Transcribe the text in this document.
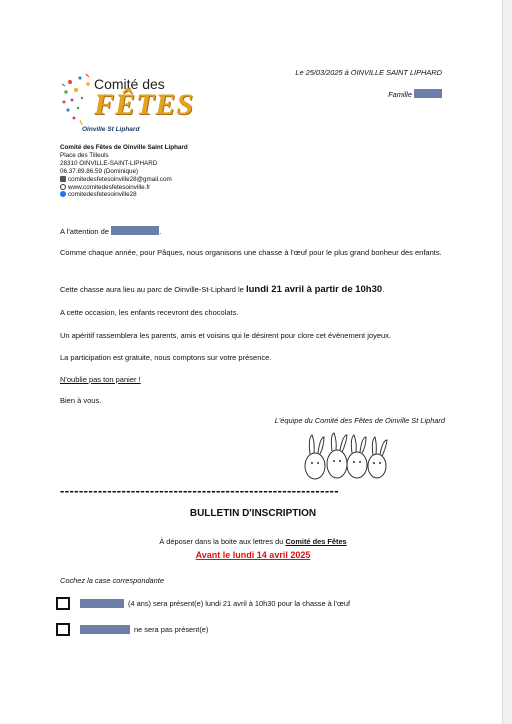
Comité des
FÊTES
Oinville St Liphard
Comité des Fêtes de Oinville Saint Liphard
Place des Tilleuls
28310 OINVILLE-SAINT-LIPHARD
06.37.89.86.59 (Dominique)
comitedesfetesoinville28@gmail.com
www.comitedesfetesoinville.fr
comitedesfetesoinville28
Le 25/03/2025 à OINVILLE SAINT LIPHARD
Famille
A l'attention de	.
Comme chaque année, pour Pâques, nous organisons une chasse à l'œuf pour le plus grand bonheur des enfants.
Cette chasse aura lieu au parc de Oinville-St-Liphard le lundi 21 avril à partir de 10h30.
A cette occasion, les enfants recevront des chocolats.
Un apéritif rassemblera les parents, amis et voisins qui le désirent pour clore cet évènement joyeux.
La participation est gratuite, nous comptons sur votre présence.
N'oublie pas ton panier !
Bien à vous.
L'équipe du Comité des Fêtes de Oinville St Liphard
-----------------------------------------------------------
BULLETIN D'INSCRIPTION
À déposer dans la boite aux lettres du Comité des Fêtes
Avant le lundi 14 avril 2025
Cochez la case correspondante
(4 ans) sera présent(e) lundi 21 avril à 10h30 pour la chasse à l'œuf
ne sera pas présent(e)
